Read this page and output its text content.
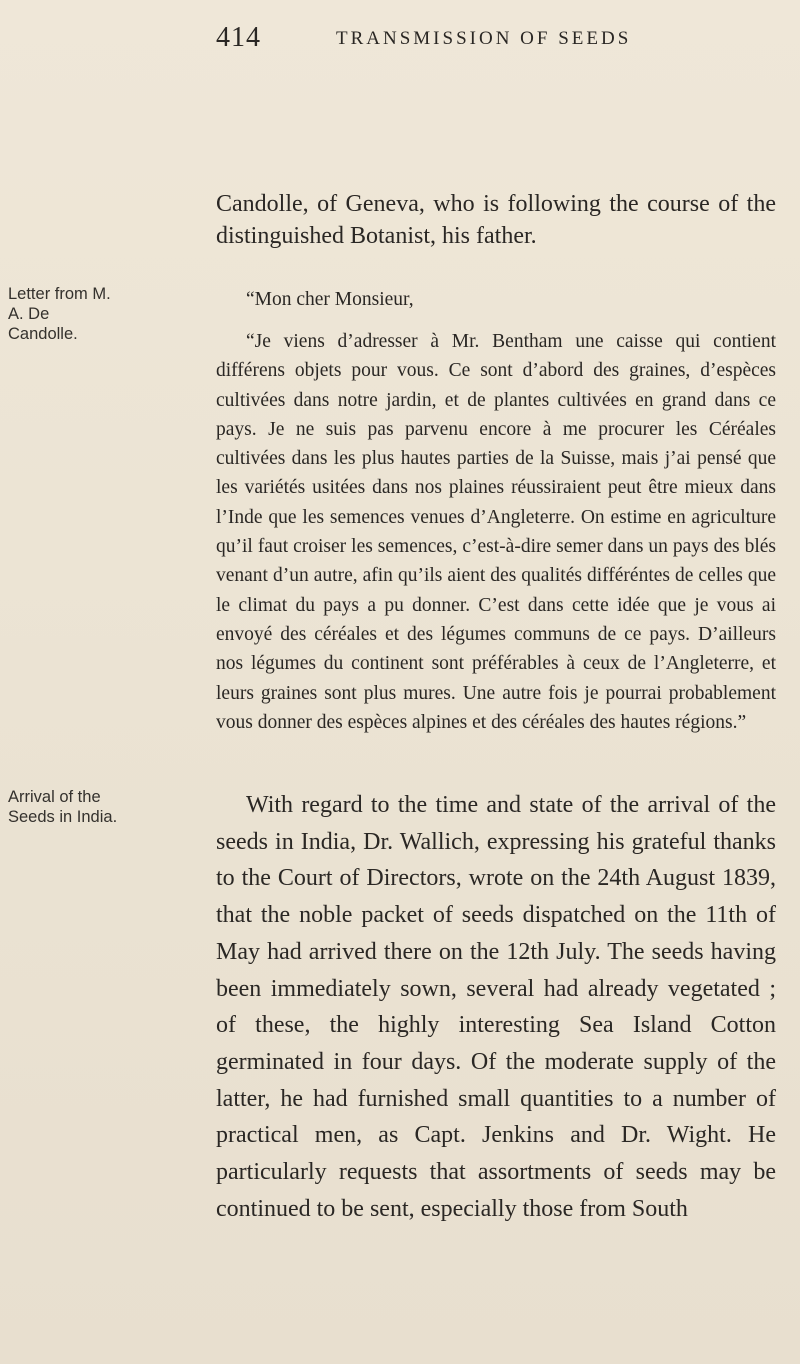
414	TRANSMISSION OF SEEDS
Letter from M. A. De Candolle.
Arrival of the Seeds in India.

Candolle, of Geneva, who is following the course of the distinguished Botanist, his father.

“Mon cher Monsieur,

“Je viens d’adresser à Mr. Bentham une caisse qui contient différens objets pour vous. Ce sont d’abord des graines, d’espèces cultivées dans notre jardin, et de plantes cultivées en grand dans ce pays. Je ne suis pas parvenu encore à me procurer les Céréales cultivées dans les plus hautes parties de la Suisse, mais j’ai pensé que les variétés usitées dans nos plaines réussiraient peut être mieux dans l’Inde que les semences venues d’Angleterre. On estime en agriculture qu’il faut croiser les semences, c’est-à-dire semer dans un pays des blés venant d’un autre, afin qu’ils aient des qualités différéntes de celles que le climat du pays a pu donner. C’est dans cette idée que je vous ai envoyé des céréales et des légumes communs de ce pays. D’ailleurs nos légumes du continent sont préférables à ceux de l’Angleterre, et leurs graines sont plus mures. Une autre fois je pourrai probablement vous donner des espèces alpines et des céréales des hautes régions.”

With regard to the time and state of the arrival of the seeds in India, Dr. Wallich, expressing his grateful thanks to the Court of Directors, wrote on the 24th August 1839, that the noble packet of seeds dispatched on the 11th of May had arrived there on the 12th July. The seeds having been immediately sown, several had already vegetated ; of these, the highly interesting Sea Island Cotton germinated in four days. Of the moderate supply of the latter, he had furnished small quantities to a number of practical men, as Capt. Jenkins and Dr. Wight. He particularly requests that assortments of seeds may be continued to be sent, especially those from South
